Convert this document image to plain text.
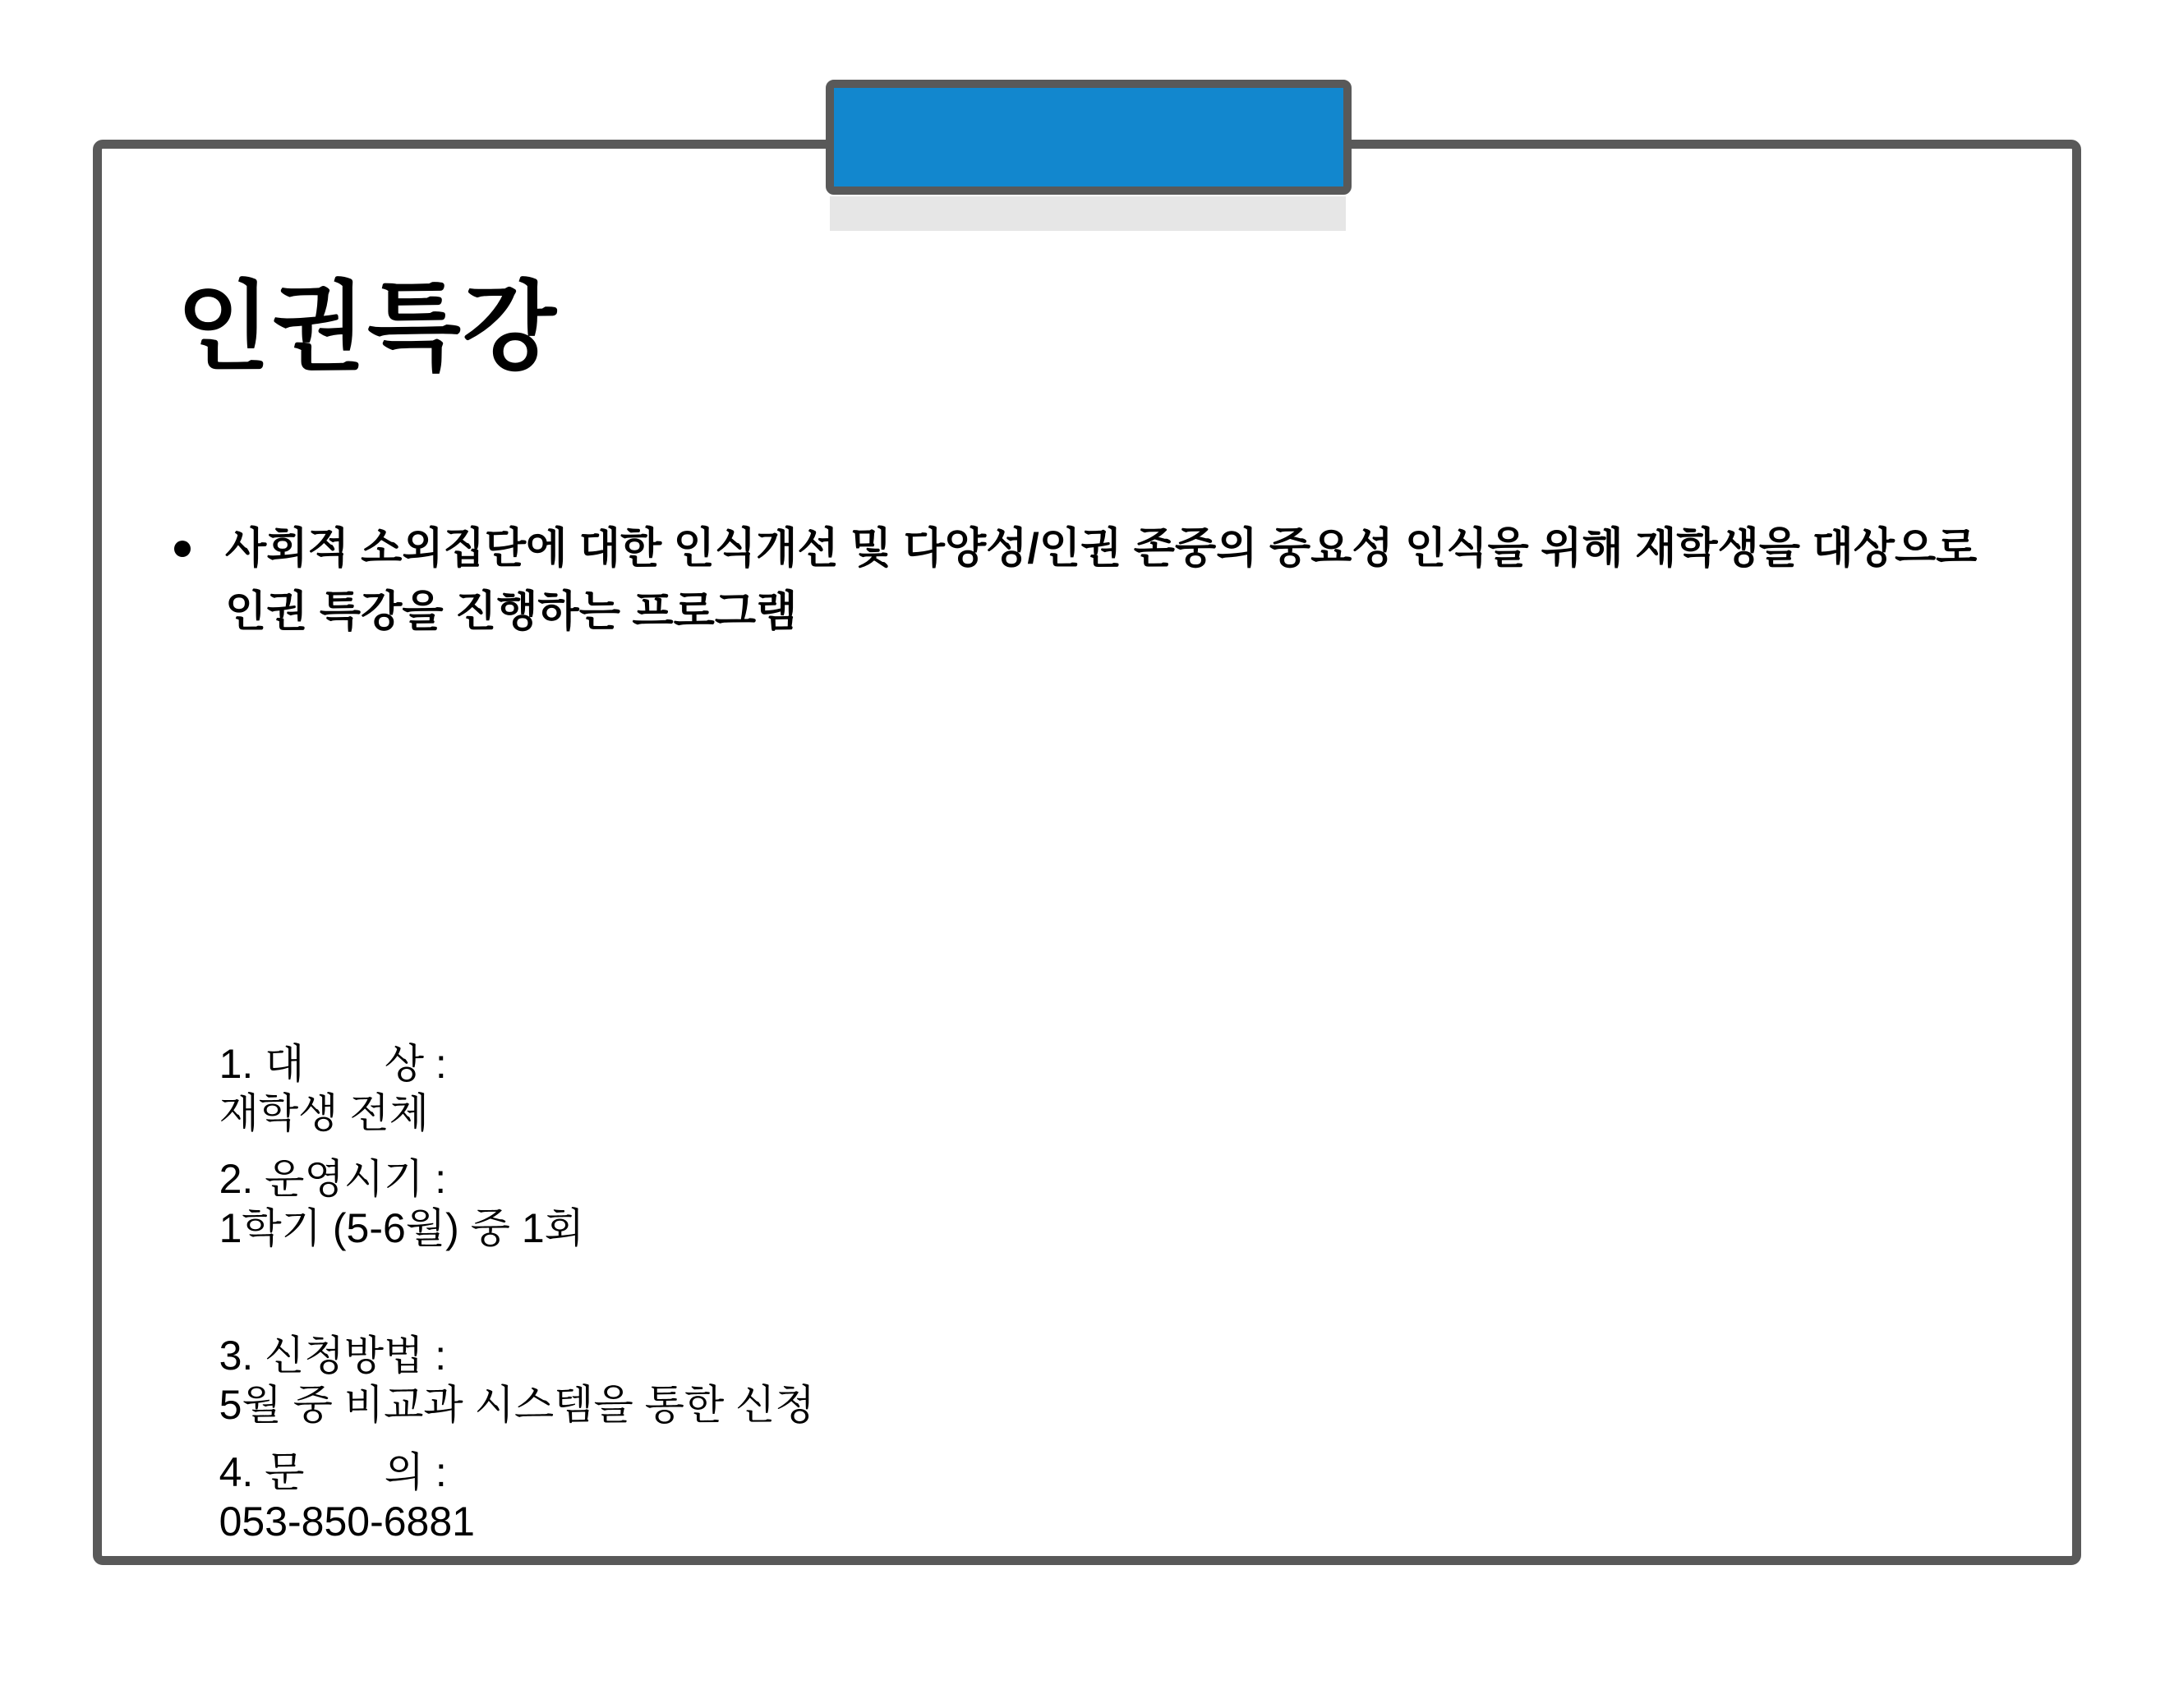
인권특강
사회적 소외집단에 대한 인식개선 및 다양성/인권 존중의 중요성 인식을 위해 재학생을 대상으로 인권 특강을 진행하는 프로그램

1. 대       상 :
재학생 전체

2. 운영시기 :
1학기 (5-6월) 중 1회

3. 신청방법 :
5월 중 비교과 시스템을 통한 신청

4. 문       의 :
053-850-6881
